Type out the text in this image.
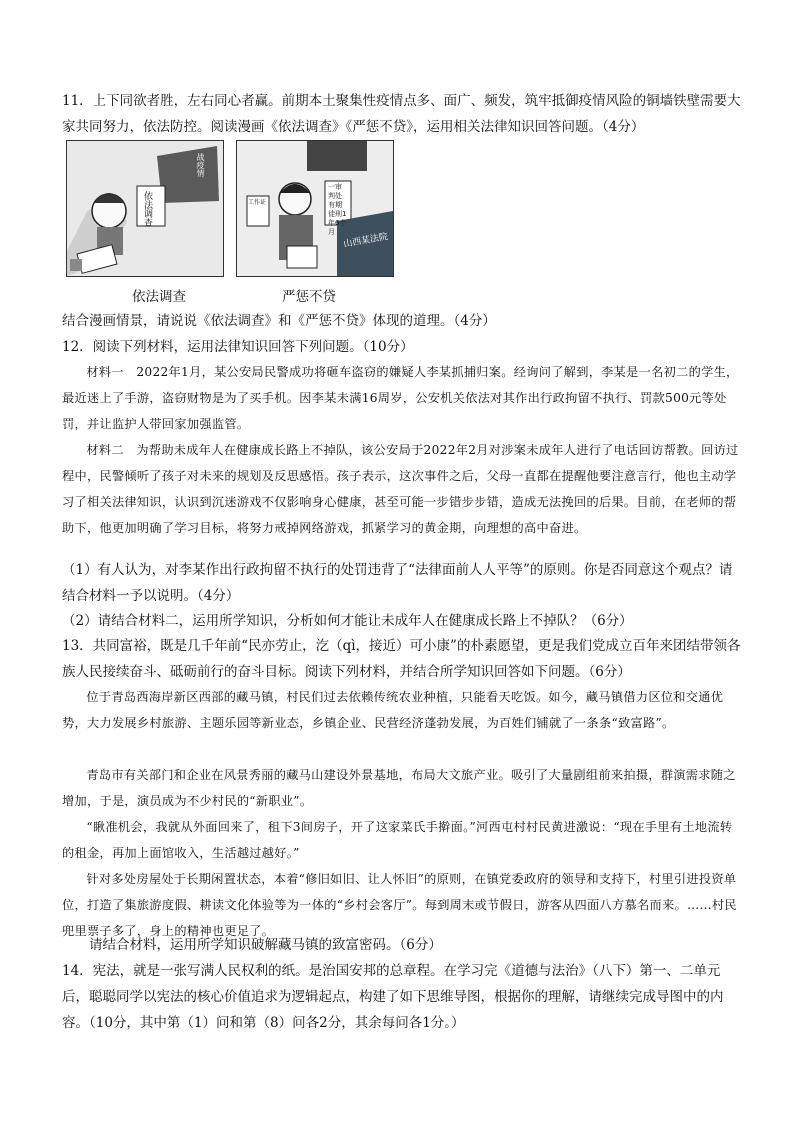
11．上下同欲者胜，左右同心者赢。前期本土聚集性疫情点多、面广、频发，筑牢抵御疫情风险的铜墙铁壁需要大家共同努力，依法防控。阅读漫画《依法调查》《严惩不贷》，运用相关法律知识回答问题。（4分）

依法调查
战疫情
一审判处有期徒刑1年6个月
工作证
山西某法院
依法调查	严惩不贷

结合漫画情景，请说说《依法调查》和《严惩不贷》体现的道理。（4分）

12．阅读下列材料，运用法律知识回答下列问题。（10分）

材料一　2022年1月，某公安局民警成功将砸车盗窃的嫌疑人李某抓捕归案。经询问了解到，李某是一名初二的学生，最近迷上了手游，盗窃财物是为了买手机。因李某未满16周岁，公安机关依法对其作出行政拘留不执行、罚款500元等处罚，并让监护人带回家加强监管。

材料二　为帮助未成年人在健康成长路上不掉队，该公安局于2022年2月对涉案未成年人进行了电话回访帮教。回访过程中，民警倾听了孩子对未来的规划及反思感悟。孩子表示，这次事件之后，父母一直都在提醒他要注意言行，他也主动学习了相关法律知识，认识到沉迷游戏不仅影响身心健康，甚至可能一步错步步错，造成无法挽回的后果。目前，在老师的帮助下，他更加明确了学习目标，将努力戒掉网络游戏，抓紧学习的黄金期，向理想的高中奋进。

（1）有人认为，对李某作出行政拘留不执行的处罚违背了“法律面前人人平等”的原则。你是否同意这个观点？请结合材料一予以说明。（4分）

（2）请结合材料二，运用所学知识，分析如何才能让未成年人在健康成长路上不掉队？（6分）

13．共同富裕，既是几千年前“民亦劳止，汔（qì，接近）可小康”的朴素愿望，更是我们党成立百年来团结带领各族人民接续奋斗、砥砺前行的奋斗目标。阅读下列材料，并结合所学知识回答如下问题。（6分）

位于青岛西海岸新区西部的藏马镇，村民们过去依赖传统农业种植，只能看天吃饭。如今，藏马镇借力区位和交通优势，大力发展乡村旅游、主题乐园等新业态，乡镇企业、民营经济蓬勃发展，为百姓们铺就了一条条“致富路”。

青岛市有关部门和企业在风景秀丽的藏马山建设外景基地，布局大文旅产业。吸引了大量剧组前来拍摄，群演需求随之增加，于是，演员成为不少村民的“新职业”。

“瞅准机会，我就从外面回来了，租下3间房子，开了这家菜氏手擀面。”河西屯村村民黄进激说：“现在手里有土地流转的租金，再加上面馆收入，生活越过越好。”

针对多处房屋处于长期闲置状态，本着“修旧如旧、让人怀旧”的原则，在镇党委政府的领导和支持下，村里引进投资单位，打造了集旅游度假、耕读文化体验等为一体的“乡村会客厅”。每到周末或节假日，游客从四面八方慕名而来。……村民兜里票子多了，身上的精神也更足了。

请结合材料，运用所学知识破解藏马镇的致富密码。（6分）

14．宪法，就是一张写满人民权利的纸。是治国安邦的总章程。在学习完《道德与法治》（八下）第一、二单元后，聪聪同学以宪法的核心价值追求为逻辑起点，构建了如下思维导图，根据你的理解，请继续完成导图中的内容。（10分，其中第（1）问和第（8）问各2分，其余每问各1分。）
